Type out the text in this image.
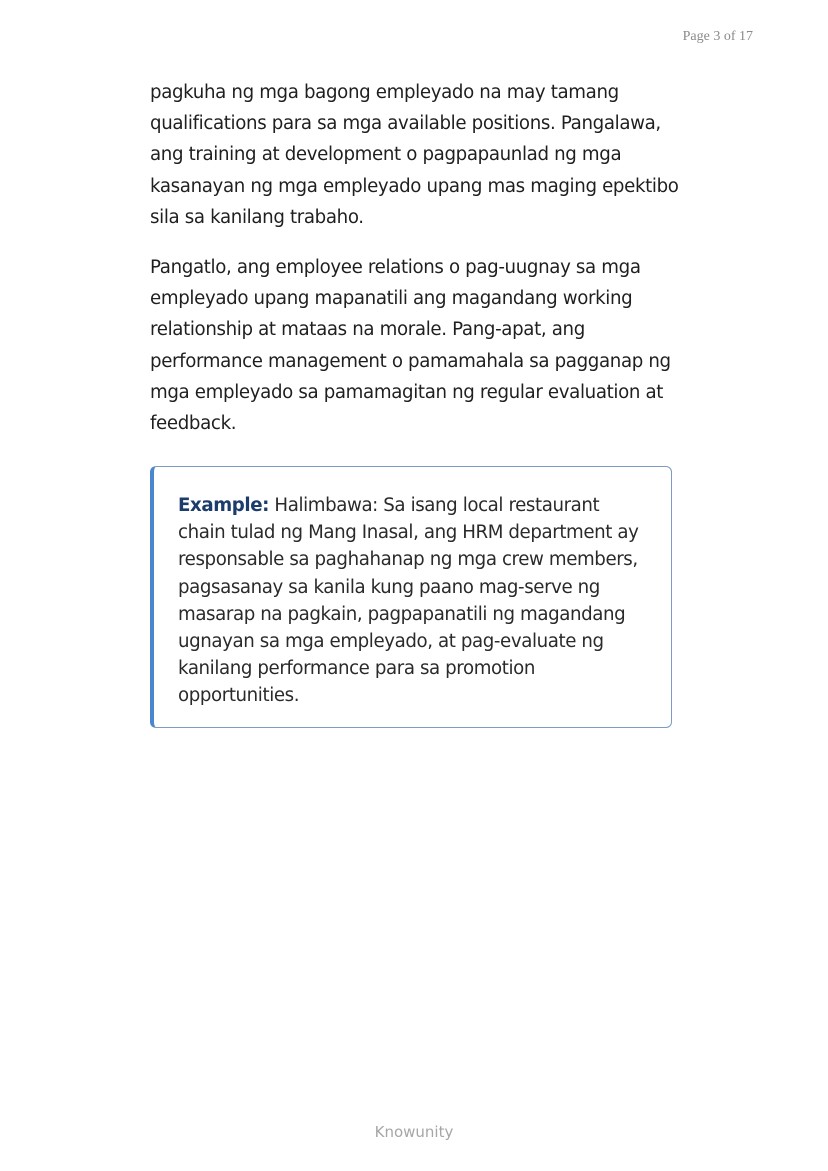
Page 3 of 17

pagkuha ng mga bagong empleyado na may tamang qualifications para sa mga available positions. Pangalawa, ang training at development o pagpapaunlad ng mga kasanayan ng mga empleyado upang mas maging epektibo sila sa kanilang trabaho.

Pangatlo, ang employee relations o pag-uugnay sa mga empleyado upang mapanatili ang magandang working relationship at mataas na morale. Pang-apat, ang performance management o pamamahala sa pagganap ng mga empleyado sa pamamagitan ng regular evaluation at feedback.

Example: Halimbawa: Sa isang local restaurant chain tulad ng Mang Inasal, ang HRM department ay responsable sa paghahanap ng mga crew members, pagsasanay sa kanila kung paano mag-serve ng masarap na pagkain, pagpapanatili ng magandang ugnayan sa mga empleyado, at pag-evaluate ng kanilang performance para sa promotion opportunities.

Knowunity
